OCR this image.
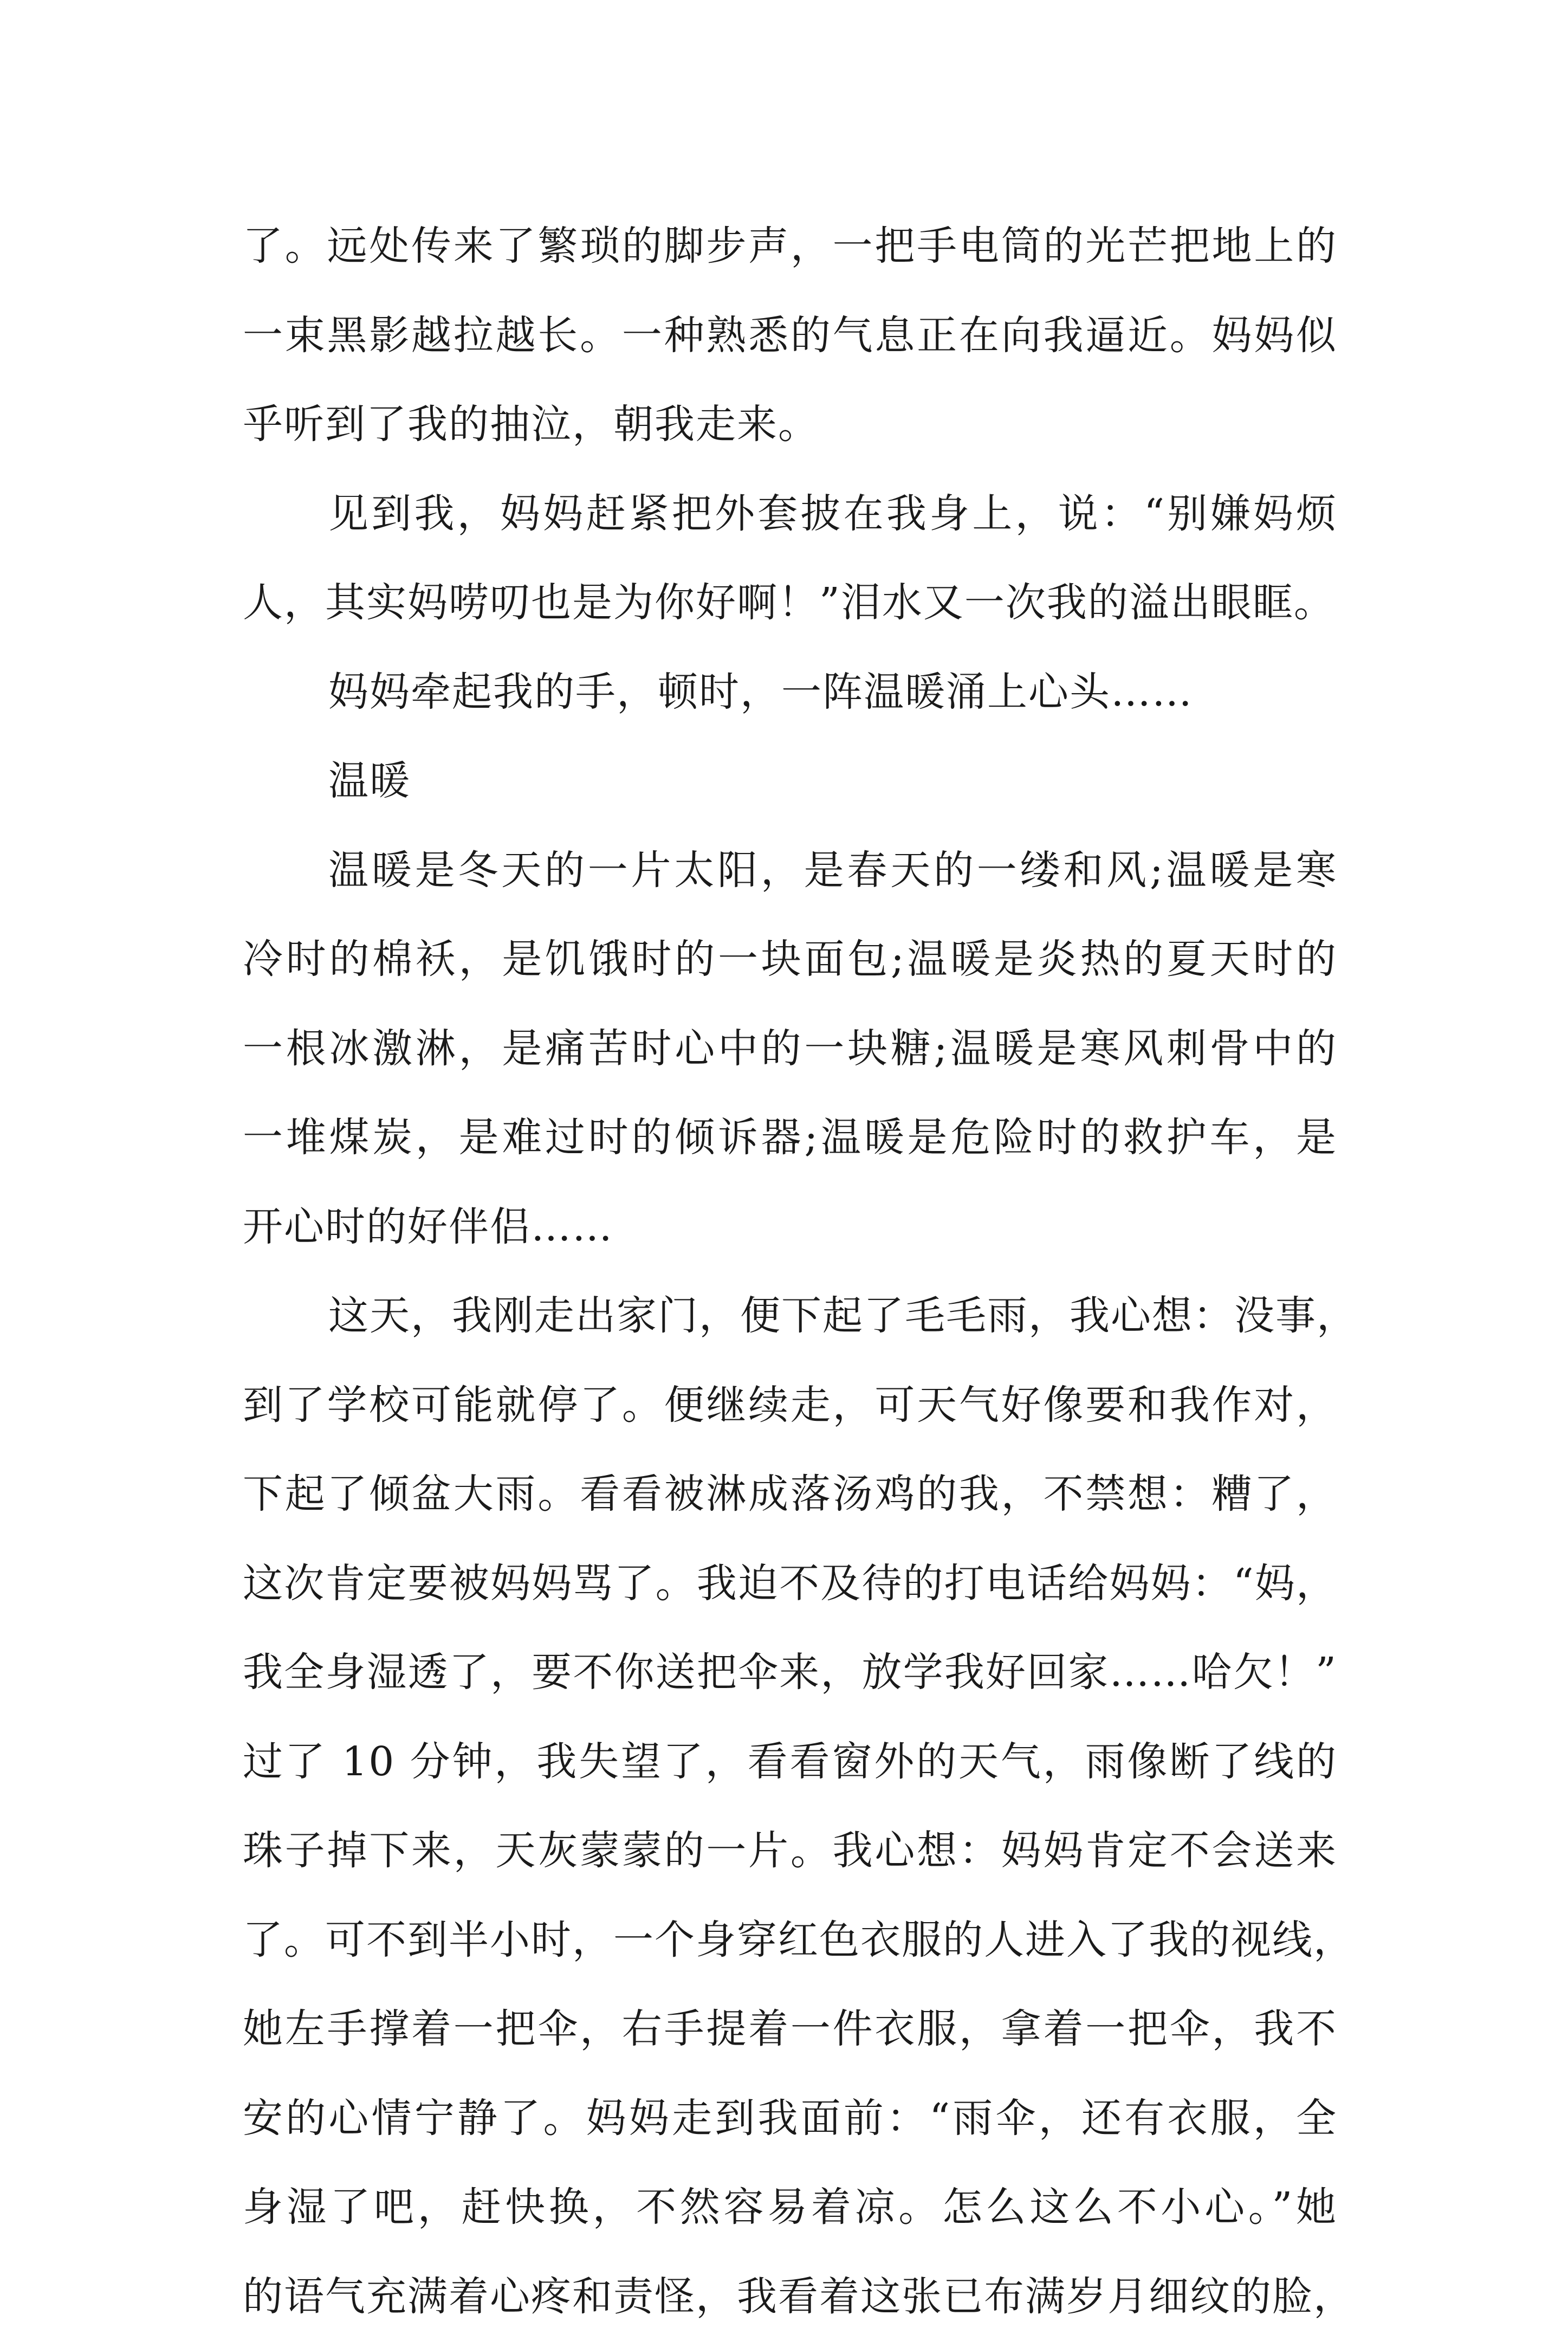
了。远处传来了繁琐的脚步声，一把手电筒的光芒把地上的
一束黑影越拉越长。一种熟悉的气息正在向我逼近。妈妈似
乎听到了我的抽泣，朝我走来。
见到我，妈妈赶紧把外套披在我身上，说：“别嫌妈烦
人，其实妈唠叨也是为你好啊！”泪水又一次我的溢出眼眶。
妈妈牵起我的手，顿时，一阵温暖涌上心头……
温暖
温暖是冬天的一片太阳，是春天的一缕和风;温暖是寒
冷时的棉袄，是饥饿时的一块面包;温暖是炎热的夏天时的
一根冰激淋，是痛苦时心中的一块糖;温暖是寒风刺骨中的
一堆煤炭，是难过时的倾诉器;温暖是危险时的救护车，是
开心时的好伴侣……
这天，我刚走出家门，便下起了毛毛雨，我心想：没事，
到了学校可能就停了。便继续走，可天气好像要和我作对，
下起了倾盆大雨。看看被淋成落汤鸡的我，不禁想：糟了，
这次肯定要被妈妈骂了。我迫不及待的打电话给妈妈：“妈，
我全身湿透了，要不你送把伞来，放学我好回家……哈欠！”
过了 10 分钟，我失望了，看看窗外的天气，雨像断了线的
珠子掉下来，天灰蒙蒙的一片。我心想：妈妈肯定不会送来
了。可不到半小时，一个身穿红色衣服的人进入了我的视线，
她左手撑着一把伞，右手提着一件衣服，拿着一把伞，我不
安的心情宁静了。妈妈走到我面前：“雨伞，还有衣服，全
身湿了吧，赶快换，不然容易着凉。怎么这么不小心。”她
的语气充满着心疼和责怪，我看着这张已布满岁月细纹的脸，
